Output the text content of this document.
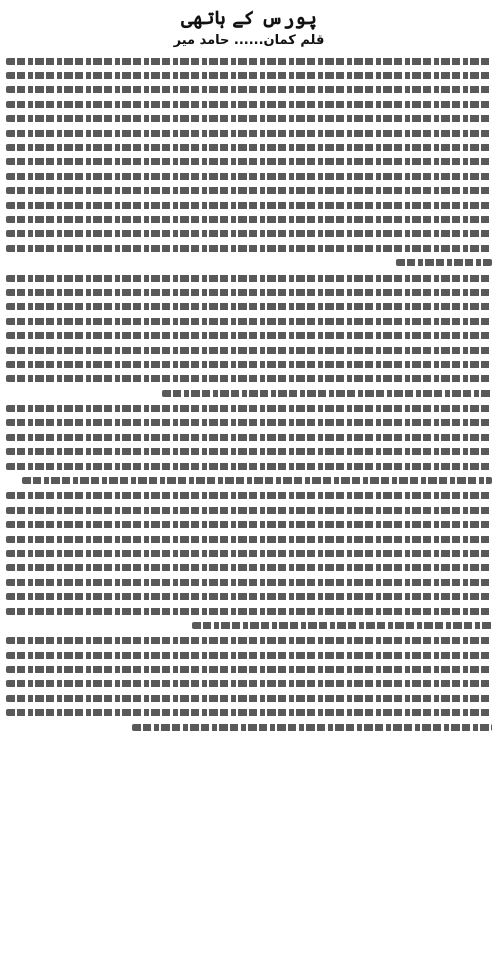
پورس کے ہاتھی
قلم کمان...... حامد میر
